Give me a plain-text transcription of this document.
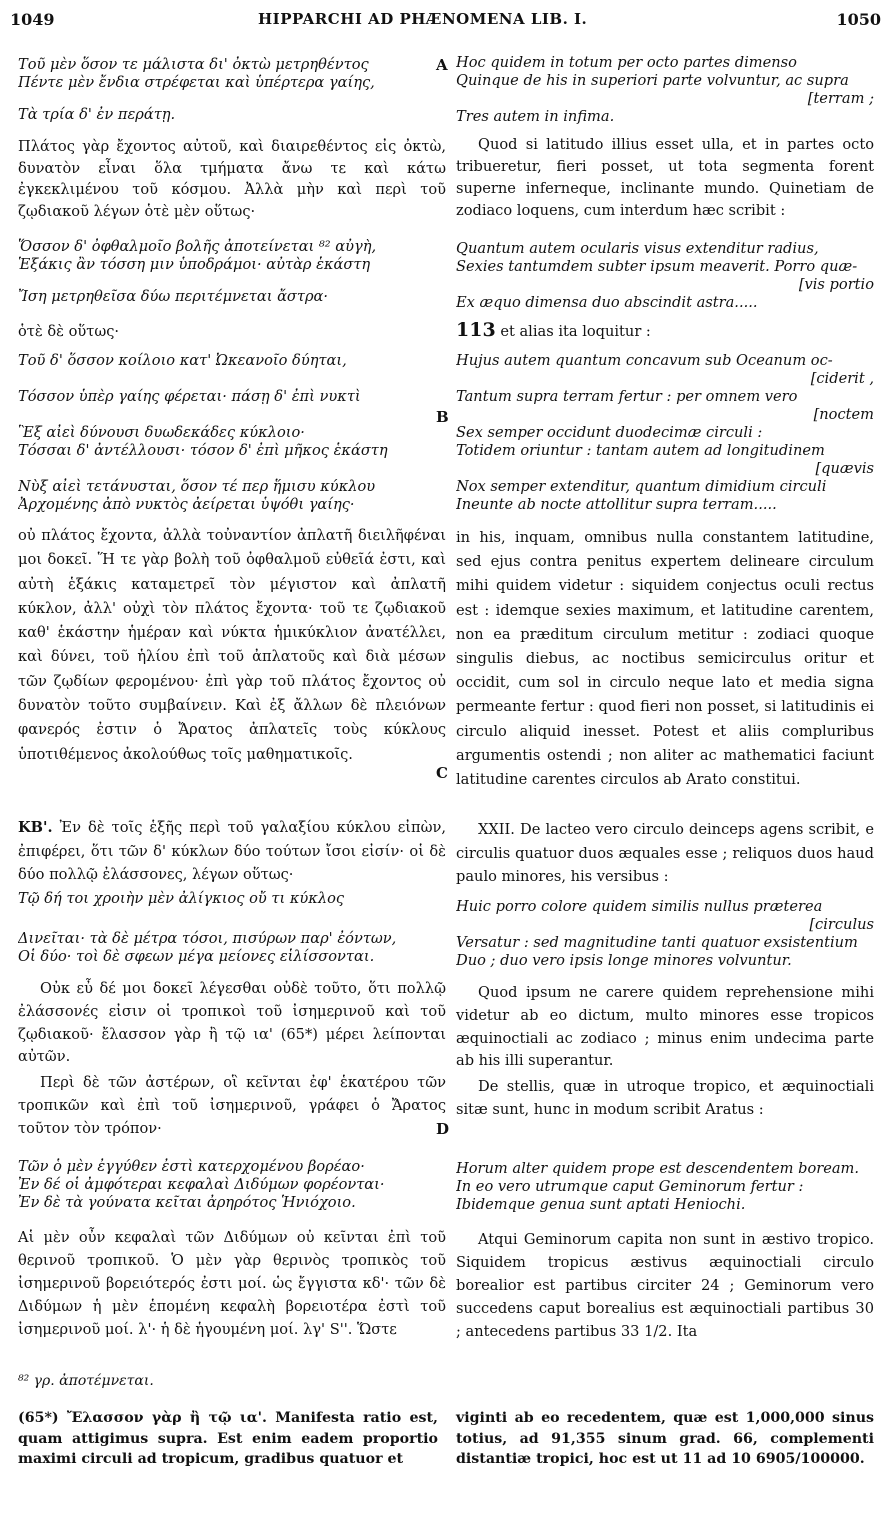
1049	HIPPARCHI AD PHÆNOMENA LIB. I.	1050
Τοῦ μὲν ὅσον τε μάλιστα δι' ὀκτὼ μετρηθέντος
Πέντε μὲν ἔνδια στρέφεται καὶ ὑπέρτερα γαίης,
Τὰ τρία δ' ἐν περάτῃ.
Πλάτος γὰρ ἔχοντος αὐτοῦ, καὶ διαιρεθέντος εἰς ὀκτὼ, δυνατὸν εἶναι ὅλα τμήματα ἄνω τε καὶ κάτω ἐγκεκλιμένου τοῦ κόσμου. Ἀλλὰ μὴν καὶ περὶ τοῦ ζῳδιακοῦ λέγων ὁτὲ μὲν οὕτως·
Ὅσσον δ' ὀφθαλμοῖο βολῆς ἀποτείνεται ⁸² αὐγὴ,
Ἑξάκις ἂν τόσση μιν ὑποδράμοι· αὐτὰρ ἑκάστη
Ἴση μετρηθεῖσα δύω περιτέμνεται ἄστρα·
ὁτὲ δὲ οὕτως·
Τοῦ δ' ὅσσον κοίλοιο κατ' Ὠκεανοῖο δύηται,
Τόσσον ὑπὲρ γαίης φέρεται· πάσῃ δ' ἐπὶ νυκτὶ
Ἓξ αἰεὶ δύνουσι δυωδεκάδες κύκλοιο·
Τόσσαι δ' ἀντέλλουσι· τόσον δ' ἐπὶ μῆκος ἑκάστη
Νὺξ αἰεὶ τετάνυσται, ὅσον τέ περ ἥμισυ κύκλου
Ἀρχομένης ἀπὸ νυκτὸς ἀείρεται ὑψόθι γαίης·
οὐ πλάτος ἔχοντα, ἀλλὰ τοὐναντίον ἀπλατῆ διειλῆφέναι μοι δοκεῖ. Ἥ τε γὰρ βολὴ τοῦ ὀφθαλμοῦ εὐθεῖά ἐστι, καὶ αὐτὴ ἑξάκις καταμετρεῖ τὸν μέγιστον καὶ ἀπλατῆ κύκλον, ἀλλ' οὐχὶ τὸν πλάτος ἔχοντα· τοῦ τε ζῳδιακοῦ καθ' ἑκάστην ἡμέραν καὶ νύκτα ἡμικύκλιον ἀνατέλλει, καὶ δύνει, τοῦ ἡλίου ἐπὶ τοῦ ἀπλατοῦς καὶ διὰ μέσων τῶν ζῳδίων φερομένου· ἐπὶ γὰρ τοῦ πλάτος ἔχοντος οὐ δυνατὸν τοῦτο συμβαίνειν. Καὶ ἐξ ἄλλων δὲ πλειόνων φανερός ἐστιν ὁ Ἄρατος ἀπλατεῖς τοὺς κύκλους ὑποτιθέμενος ἀκολούθως τοῖς μαθηματικοῖς.
ΚΒ'. Ἐν δὲ τοῖς ἑξῆς περὶ τοῦ γαλαξίου κύκλου εἰπὼν, ἐπιφέρει, ὅτι τῶν δ' κύκλων δύο τούτων ἴσοι εἰσίν· οἱ δὲ δύο πολλῷ ἐλάσσονες, λέγων οὕτως·
Τῷ δή τοι χροιὴν μὲν ἀλίγκιος οὔ τι κύκλος
Δινεῖται· τὰ δὲ μέτρα τόσοι, πισύρων παρ' ἐόντων,
Οἱ δύο· τοὶ δὲ σφεων μέγα μείονες εἱλίσσονται.
Οὐκ εὖ δέ μοι δοκεῖ λέγεσθαι οὐδὲ τοῦτο, ὅτι πολλῷ ἐλάσσονές εἰσιν οἱ τροπικοὶ τοῦ ἰσημερινοῦ καὶ τοῦ ζῳδιακοῦ· ἔλασσον γὰρ ἢ τῷ ια' (65*) μέρει λείπονται αὐτῶν.
Περὶ δὲ τῶν ἀστέρων, οἳ κεῖνται ἐφ' ἑκατέρου τῶν τροπικῶν καὶ ἐπὶ τοῦ ἰσημερινοῦ, γράφει ὁ Ἄρατος τοῦτον τὸν τρόπον·
Τῶν ὁ μὲν ἐγγύθεν ἐστὶ κατερχομένου βορέαο·
Ἐν δέ οἱ ἀμφότεραι κεφαλαὶ Διδύμων φορέονται·
Ἐν δὲ τὰ γούνατα κεῖται ἀρηρότος Ἡνιόχοιο.
Αἱ μὲν οὖν κεφαλαὶ τῶν Διδύμων οὐ κεῖνται ἐπὶ τοῦ θερινοῦ τροπικοῦ. Ὁ μὲν γὰρ θερινὸς τροπικὸς τοῦ ἰσημερινοῦ βορειότερός ἐστι μοί. ὡς ἔγγιστα κδ'· τῶν δὲ Διδύμων ἡ μὲν ἑπομένη κεφαλὴ βορειοτέρα ἐστὶ τοῦ ἰσημερινοῦ μοί. λ'· ἡ δὲ ἡγουμένη μοί. λγ' S''. Ὥστε
A
B
C
D
Hoc quidem in totum per octo partes dimenso
Quinque de his in superiori parte volvuntur, ac supra
[terram ;
Tres autem in infima.
Quod si latitudo illius esset ulla, et in partes octo tribueretur, fieri posset, ut tota segmenta forent superne inferneque, inclinante mundo. Quinetiam de zodiaco loquens, cum interdum hæc scribit :
Quantum autem ocularis visus extenditur radius,
Sexies tantumdem subter ipsum meaverit. Porro quæ-
[vis portio
Ex æquo dimensa duo abscindit astra.....
113 et alias ita loquitur :
Hujus autem quantum concavum sub Oceanum oc-
[ciderit ,
Tantum supra terram fertur : per omnem vero
[noctem
Sex semper occidunt duodecimæ circuli :
Totidem oriuntur : tantam autem ad longitudinem
[quævis
Nox semper extenditur, quantum dimidium circuli
Ineunte ab nocte attollitur supra terram.....
in his, inquam, omnibus nulla constantem latitudine, sed ejus contra penitus expertem delineare circulum mihi quidem videtur : siquidem conjectus oculi rectus est : idemque sexies maximum, et latitudine carentem, non ea præditum circulum metitur : zodiaci quoque singulis diebus, ac noctibus semicirculus oritur et occidit, cum sol in circulo neque lato et media signa permeante fertur : quod fieri non posset, si latitudinis ei circulo aliquid inesset. Potest et aliis compluribus argumentis ostendi ; non aliter ac mathematici faciunt latitudine carentes circulos ab Arato constitui.
XXII. De lacteo vero circulo deinceps agens scribit, e circulis quatuor duos æquales esse ; reliquos duos haud paulo minores, his versibus :
Huic porro colore quidem similis nullus præterea
[circulus
Versatur : sed magnitudine tanti quatuor exsistentium
Duo ; duo vero ipsis longe minores volvuntur.
Quod ipsum ne carere quidem reprehensione mihi videtur ab eo dictum, multo minores esse tropicos æquinoctiali ac zodiaco ; minus enim undecima parte ab his illi superantur.
De stellis, quæ in utroque tropico, et æquinoctiali sitæ sunt, hunc in modum scribit Aratus :
Horum alter quidem prope est descendentem boream.
In eo vero utrumque caput Geminorum fertur :
Ibidemque genua sunt aptati Heniochi.
Atqui Geminorum capita non sunt in æstivo tropico. Siquidem tropicus æstivus æquinoctiali circulo borealior est partibus circiter 24 ; Geminorum vero succedens caput borealius est æquinoctiali partibus 30 ; antecedens partibus 33 1/2. Ita
⁸² γρ. ἀποτέμνεται.
(65*) Ἔλασσον γὰρ ἢ τῷ ια'. Manifesta ratio est, quam attigimus supra. Est enim eadem proportio maximi circuli ad tropicum, gradibus quatuor et
viginti ab eo recedentem, quæ est 1,000,000 sinus totius, ad 91,355 sinum grad. 66, complementi distantiæ tropici, hoc est ut 11 ad 10 6905/100000.
